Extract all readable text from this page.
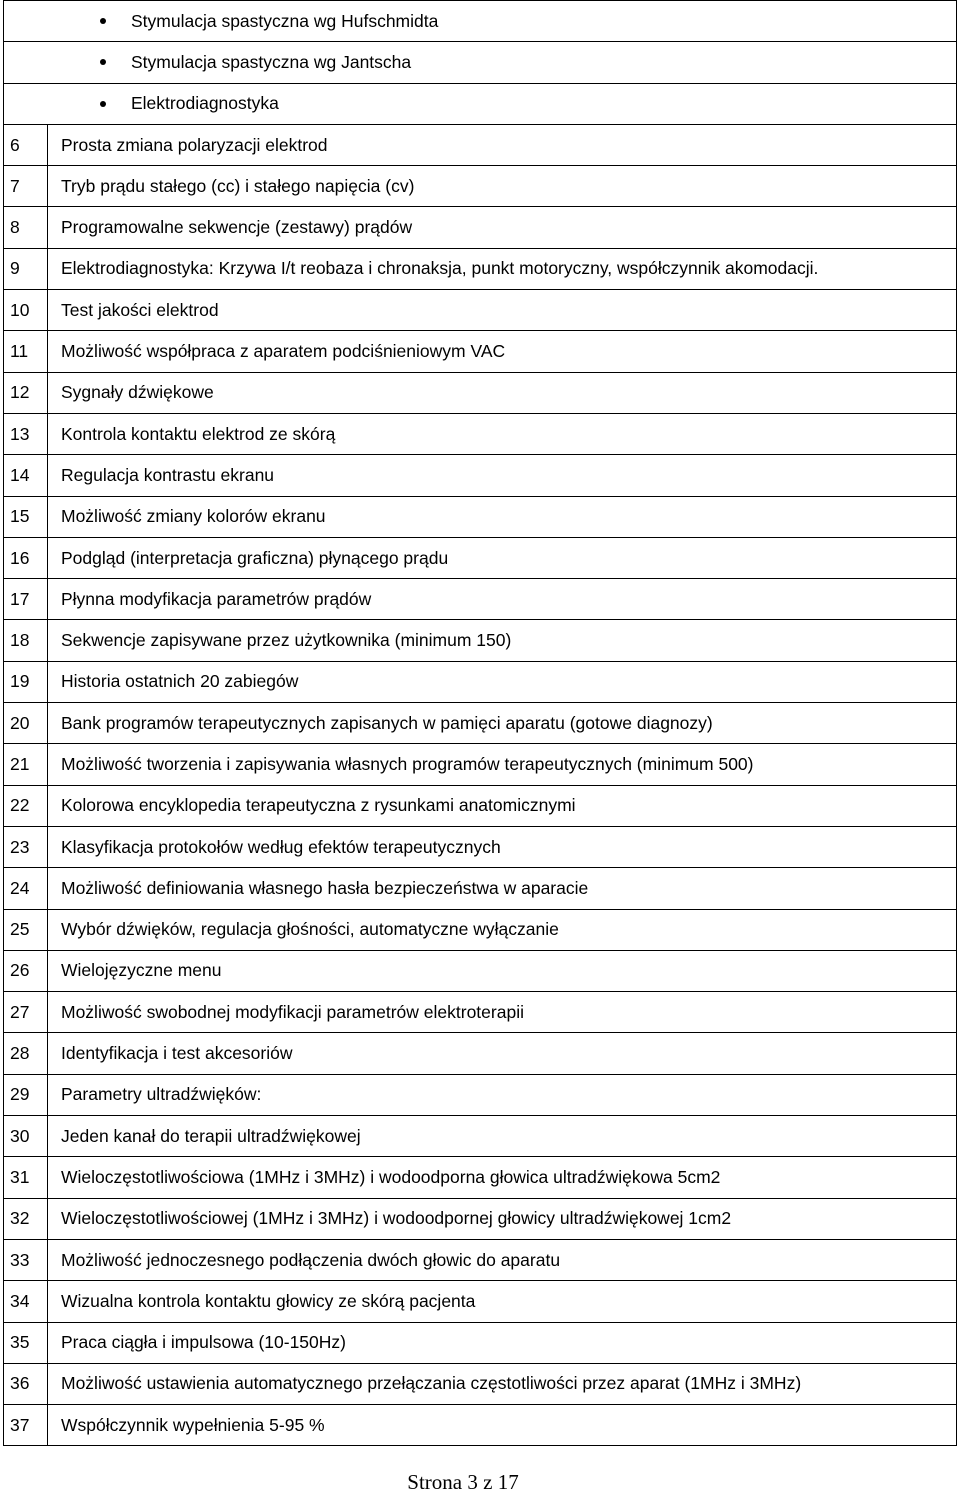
Stymulacja spastyczna wg Hufschmidta	

Stymulacja spastyczna wg Jantscha	

Elektrodiagnostyka	
6	Prosta zmiana polaryzacji elektrod
7	Tryb prądu stałego (cc) i stałego napięcia (cv)
8	Programowalne sekwencje (zestawy) prądów
9	Elektrodiagnostyka: Krzywa I/t reobaza i chronaksja, punkt motoryczny, współczynnik akomodacji.
10	Test jakości elektrod
11	Możliwość współpraca z aparatem podciśnieniowym VAC
12	Sygnały dźwiękowe
13	Kontrola kontaktu elektrod ze skórą
14	Regulacja kontrastu ekranu
15	Możliwość zmiany kolorów ekranu
16	Podgląd (interpretacja graficzna) płynącego prądu
17	Płynna modyfikacja parametrów prądów
18	Sekwencje zapisywane przez użytkownika (minimum 150)
19	Historia ostatnich 20 zabiegów
20	Bank programów terapeutycznych zapisanych w pamięci aparatu (gotowe diagnozy)
21	Możliwość tworzenia i zapisywania własnych programów terapeutycznych (minimum 500)
22	Kolorowa encyklopedia terapeutyczna z rysunkami anatomicznymi
23	Klasyfikacja protokołów według efektów terapeutycznych
24	Możliwość definiowania własnego hasła bezpieczeństwa w aparacie
25	Wybór dźwięków, regulacja głośności, automatyczne wyłączanie
26	Wielojęzyczne menu
27	Możliwość swobodnej modyfikacji parametrów elektroterapii
28	Identyfikacja i test akcesoriów
29	Parametry ultradźwięków:
30	Jeden kanał do terapii ultradźwiękowej
31	Wieloczęstotliwościowa (1MHz i 3MHz) i wodoodporna głowica ultradźwiękowa 5cm2
32	Wieloczęstotliwościowej (1MHz i 3MHz) i wodoodpornej głowicy ultradźwiękowej 1cm2
33	Możliwość jednoczesnego podłączenia dwóch głowic do aparatu
34	Wizualna kontrola kontaktu głowicy ze skórą pacjenta
35	Praca ciągła i impulsowa (10-150Hz)
36	Możliwość ustawienia automatycznego przełączania częstotliwości przez aparat (1MHz i 3MHz)
37	Współczynnik wypełnienia 5-95 %
Strona 3 z 17
